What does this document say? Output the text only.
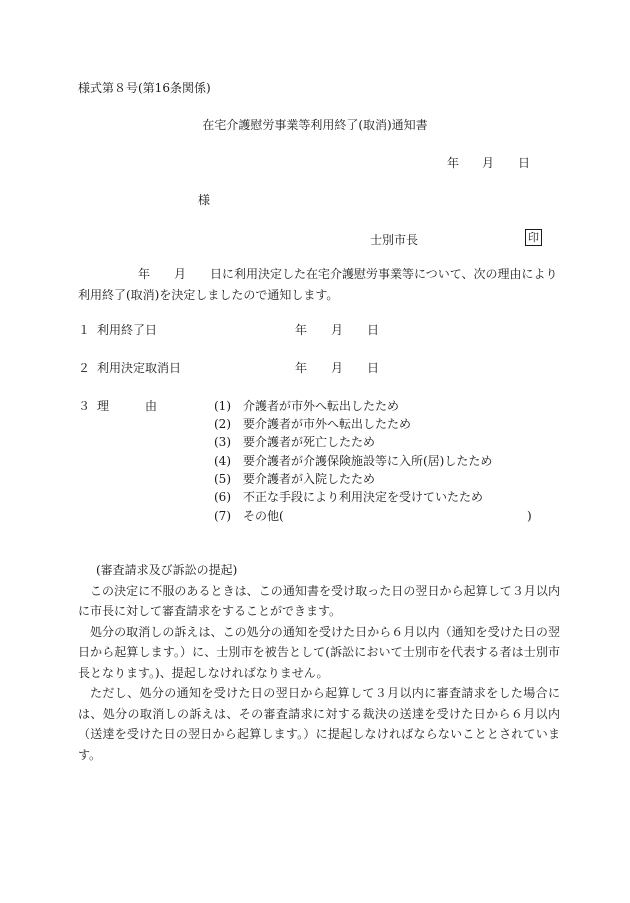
様式第８号(第16条関係)
在宅介護慰労事業等利用終了(取消)通知書
年 月 日
様
士別市長	印
年 月 日に利用決定した在宅介護慰労事業等について、次の理由により
利用終了(取消)を決定しましたので通知します。
１ 利用終了日	年 月 日
２ 利用決定取消日	年 月 日
３ 理	由	(1) 介護者が市外へ転出したため
(2) 要介護者が市外へ転出したため
(3) 要介護者が死亡したため
(4) 要介護者が介護保険施設等に入所(居)したため
(5) 要介護者が入院したため
(6) 不正な手段により利用決定を受けていたため
(7) その他(	)

(審査請求及び訴訟の提起)

この決定に不服のあるときは、この通知書を受け取った日の翌日から起算して３月以内に市長に対して審査請求をすることができます。

処分の取消しの訴えは、この処分の通知を受けた日から６月以内（通知を受けた日の翌日から起算します。）に、士別市を被告として(訴訟において士別市を代表する者は士別市長となります。)、提起しなければなりません。

ただし、処分の通知を受けた日の翌日から起算して３月以内に審査請求をした場合には、処分の取消しの訴えは、その審査請求に対する裁決の送達を受けた日から６月以内（送達を受けた日の翌日から起算します。）に提起しなければならないこととされています。
